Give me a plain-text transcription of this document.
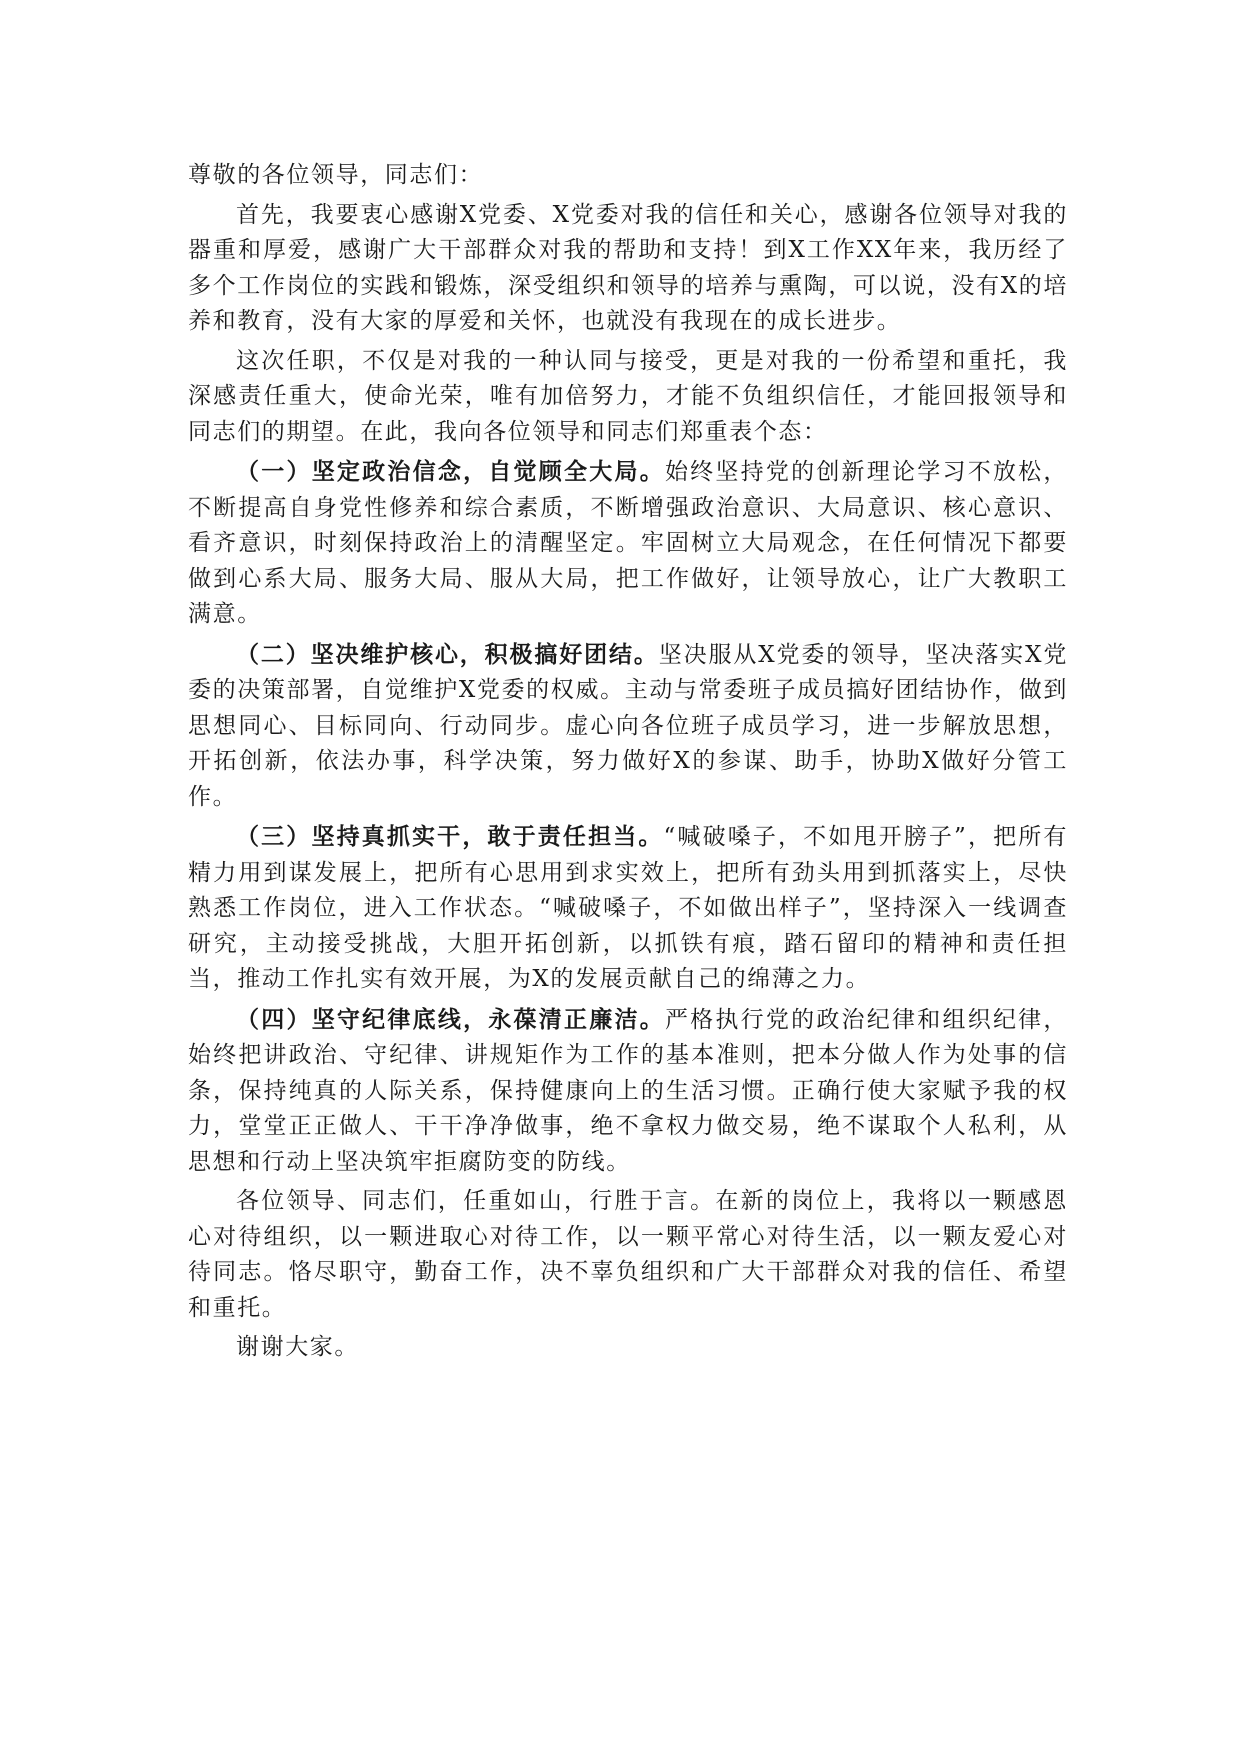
尊敬的各位领导，同志们：

首先，我要衷心感谢X党委、X党委对我的信任和关心，感谢各位领导对我的器重和厚爱，感谢广大干部群众对我的帮助和支持！到X工作XX年来，我历经了多个工作岗位的实践和锻炼，深受组织和领导的培养与熏陶，可以说，没有X的培养和教育，没有大家的厚爱和关怀，也就没有我现在的成长进步。

这次任职，不仅是对我的一种认同与接受，更是对我的一份希望和重托，我深感责任重大，使命光荣，唯有加倍努力，才能不负组织信任，才能回报领导和同志们的期望。在此，我向各位领导和同志们郑重表个态：

（一）坚定政治信念，自觉顾全大局。始终坚持党的创新理论学习不放松，不断提高自身党性修养和综合素质，不断增强政治意识、大局意识、核心意识、看齐意识，时刻保持政治上的清醒坚定。牢固树立大局观念，在任何情况下都要做到心系大局、服务大局、服从大局，把工作做好，让领导放心，让广大教职工满意。

（二）坚决维护核心，积极搞好团结。坚决服从X党委的领导，坚决落实X党委的决策部署，自觉维护X党委的权威。主动与常委班子成员搞好团结协作，做到思想同心、目标同向、行动同步。虚心向各位班子成员学习，进一步解放思想，开拓创新，依法办事，科学决策，努力做好X的参谋、助手，协助X做好分管工作。

（三）坚持真抓实干，敢于责任担当。“喊破嗓子，不如甩开膀子”，把所有精力用到谋发展上，把所有心思用到求实效上，把所有劲头用到抓落实上，尽快熟悉工作岗位，进入工作状态。“喊破嗓子，不如做出样子”，坚持深入一线调查研究，主动接受挑战，大胆开拓创新，以抓铁有痕，踏石留印的精神和责任担当，推动工作扎实有效开展，为X的发展贡献自己的绵薄之力。

（四）坚守纪律底线，永葆清正廉洁。严格执行党的政治纪律和组织纪律，始终把讲政治、守纪律、讲规矩作为工作的基本准则，把本分做人作为处事的信条，保持纯真的人际关系，保持健康向上的生活习惯。正确行使大家赋予我的权力，堂堂正正做人、干干净净做事，绝不拿权力做交易，绝不谋取个人私利，从思想和行动上坚决筑牢拒腐防变的防线。

各位领导、同志们，任重如山，行胜于言。在新的岗位上，我将以一颗感恩心对待组织，以一颗进取心对待工作，以一颗平常心对待生活，以一颗友爱心对待同志。恪尽职守，勤奋工作，决不辜负组织和广大干部群众对我的信任、希望和重托。

谢谢大家。
